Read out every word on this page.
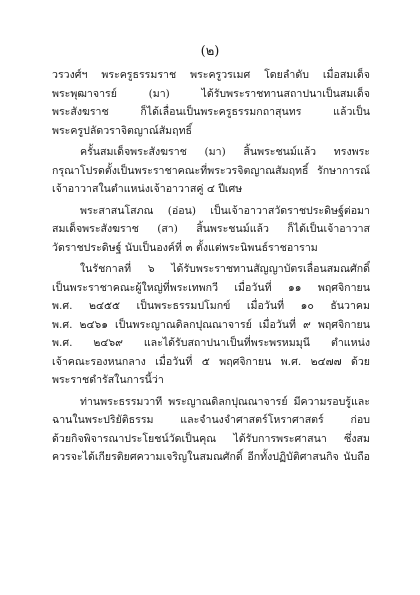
(๒)
วรวงศ์ฯ พระครูธรรมราช พระครูวรเมศ โดยลำดับ เมื่อสมเด็จ
พระพุฒาจารย์ (มา) ได้รับพระราชทานสถาปนาเป็นสมเด็จ
พระสังฆราช ก็ได้เลื่อนเป็นพระครูธรรมกถาสุนทร แล้วเป็น
พระครูปลัดวราจิตญาณ์สัมฤทธิ์
ครั้นสมเด็จพระสังฆราช (มา) สิ้นพระชนม์แล้ว ทรงพระ
กรุณาโปรดตั้งเป็นพระราชาคณะที่พระวรจิตญาณสัมฤทธิ์ รักษาการณ์
เจ้าอาวาสในตำแหน่งเจ้าอาวาสคู่ ๔ ปีเศษ
พระสาสนโสภณ (อ่อน) เป็นเจ้าอาวาสวัดราชประดิษฐ์ต่อมา
สมเด็จพระสังฆราช (สา) สิ้นพระชนม์แล้ว ก็ได้เป็นเจ้าอาวาส
วัดราชประดิษฐ์ นับเป็นองค์ที่ ๓ ตั้งแต่พระนิพนธ์ราชอาราม
ในรัชกาลที่ ๖ ได้รับพระราชทานสัญญาบัตรเลื่อนสมณศักดิ์
เป็นพระราชาคณะผู้ใหญ่ที่พระเทพกวี เมื่อวันที่ ๑๑ พฤศจิกายน
พ.ศ. ๒๔๕๕ เป็นพระธรรมปโมกข์ เมื่อวันที่ ๑๐ ธันวาคม
พ.ศ. ๒๔๖๑ เป็นพระญาณดิลกปุณณาจารย์ เมื่อวันที่ ๙ พฤศจิกายน
พ.ศ. ๒๔๖๙ และได้รับสถาปนาเป็นที่พระพรหมมุนี ตำแหน่ง
เจ้าคณะรองหนกลาง เมื่อวันที่ ๕ พฤศจิกายน พ.ศ. ๒๔๗๗ ด้วย
พระราชดำรัสในการนี้ว่า
ท่านพระธรรมวาที พระญาณดิลกปุณณาจารย์ มีความรอบรู้และ
ฉานในพระปริยัติธรรม และจำนงจำศาสตร์โหราศาสตร์ ก่อบ
ด้วยกิจพิจารณาประโยชน์วัดเป็นคุณ ได้รับการพระศาสนา ซึ่งสม
ควรจะได้เกียรติยศความเจริญในสมณศักดิ์ อีกทั้งปฏิบัติศาสนกิจ นับถือ
